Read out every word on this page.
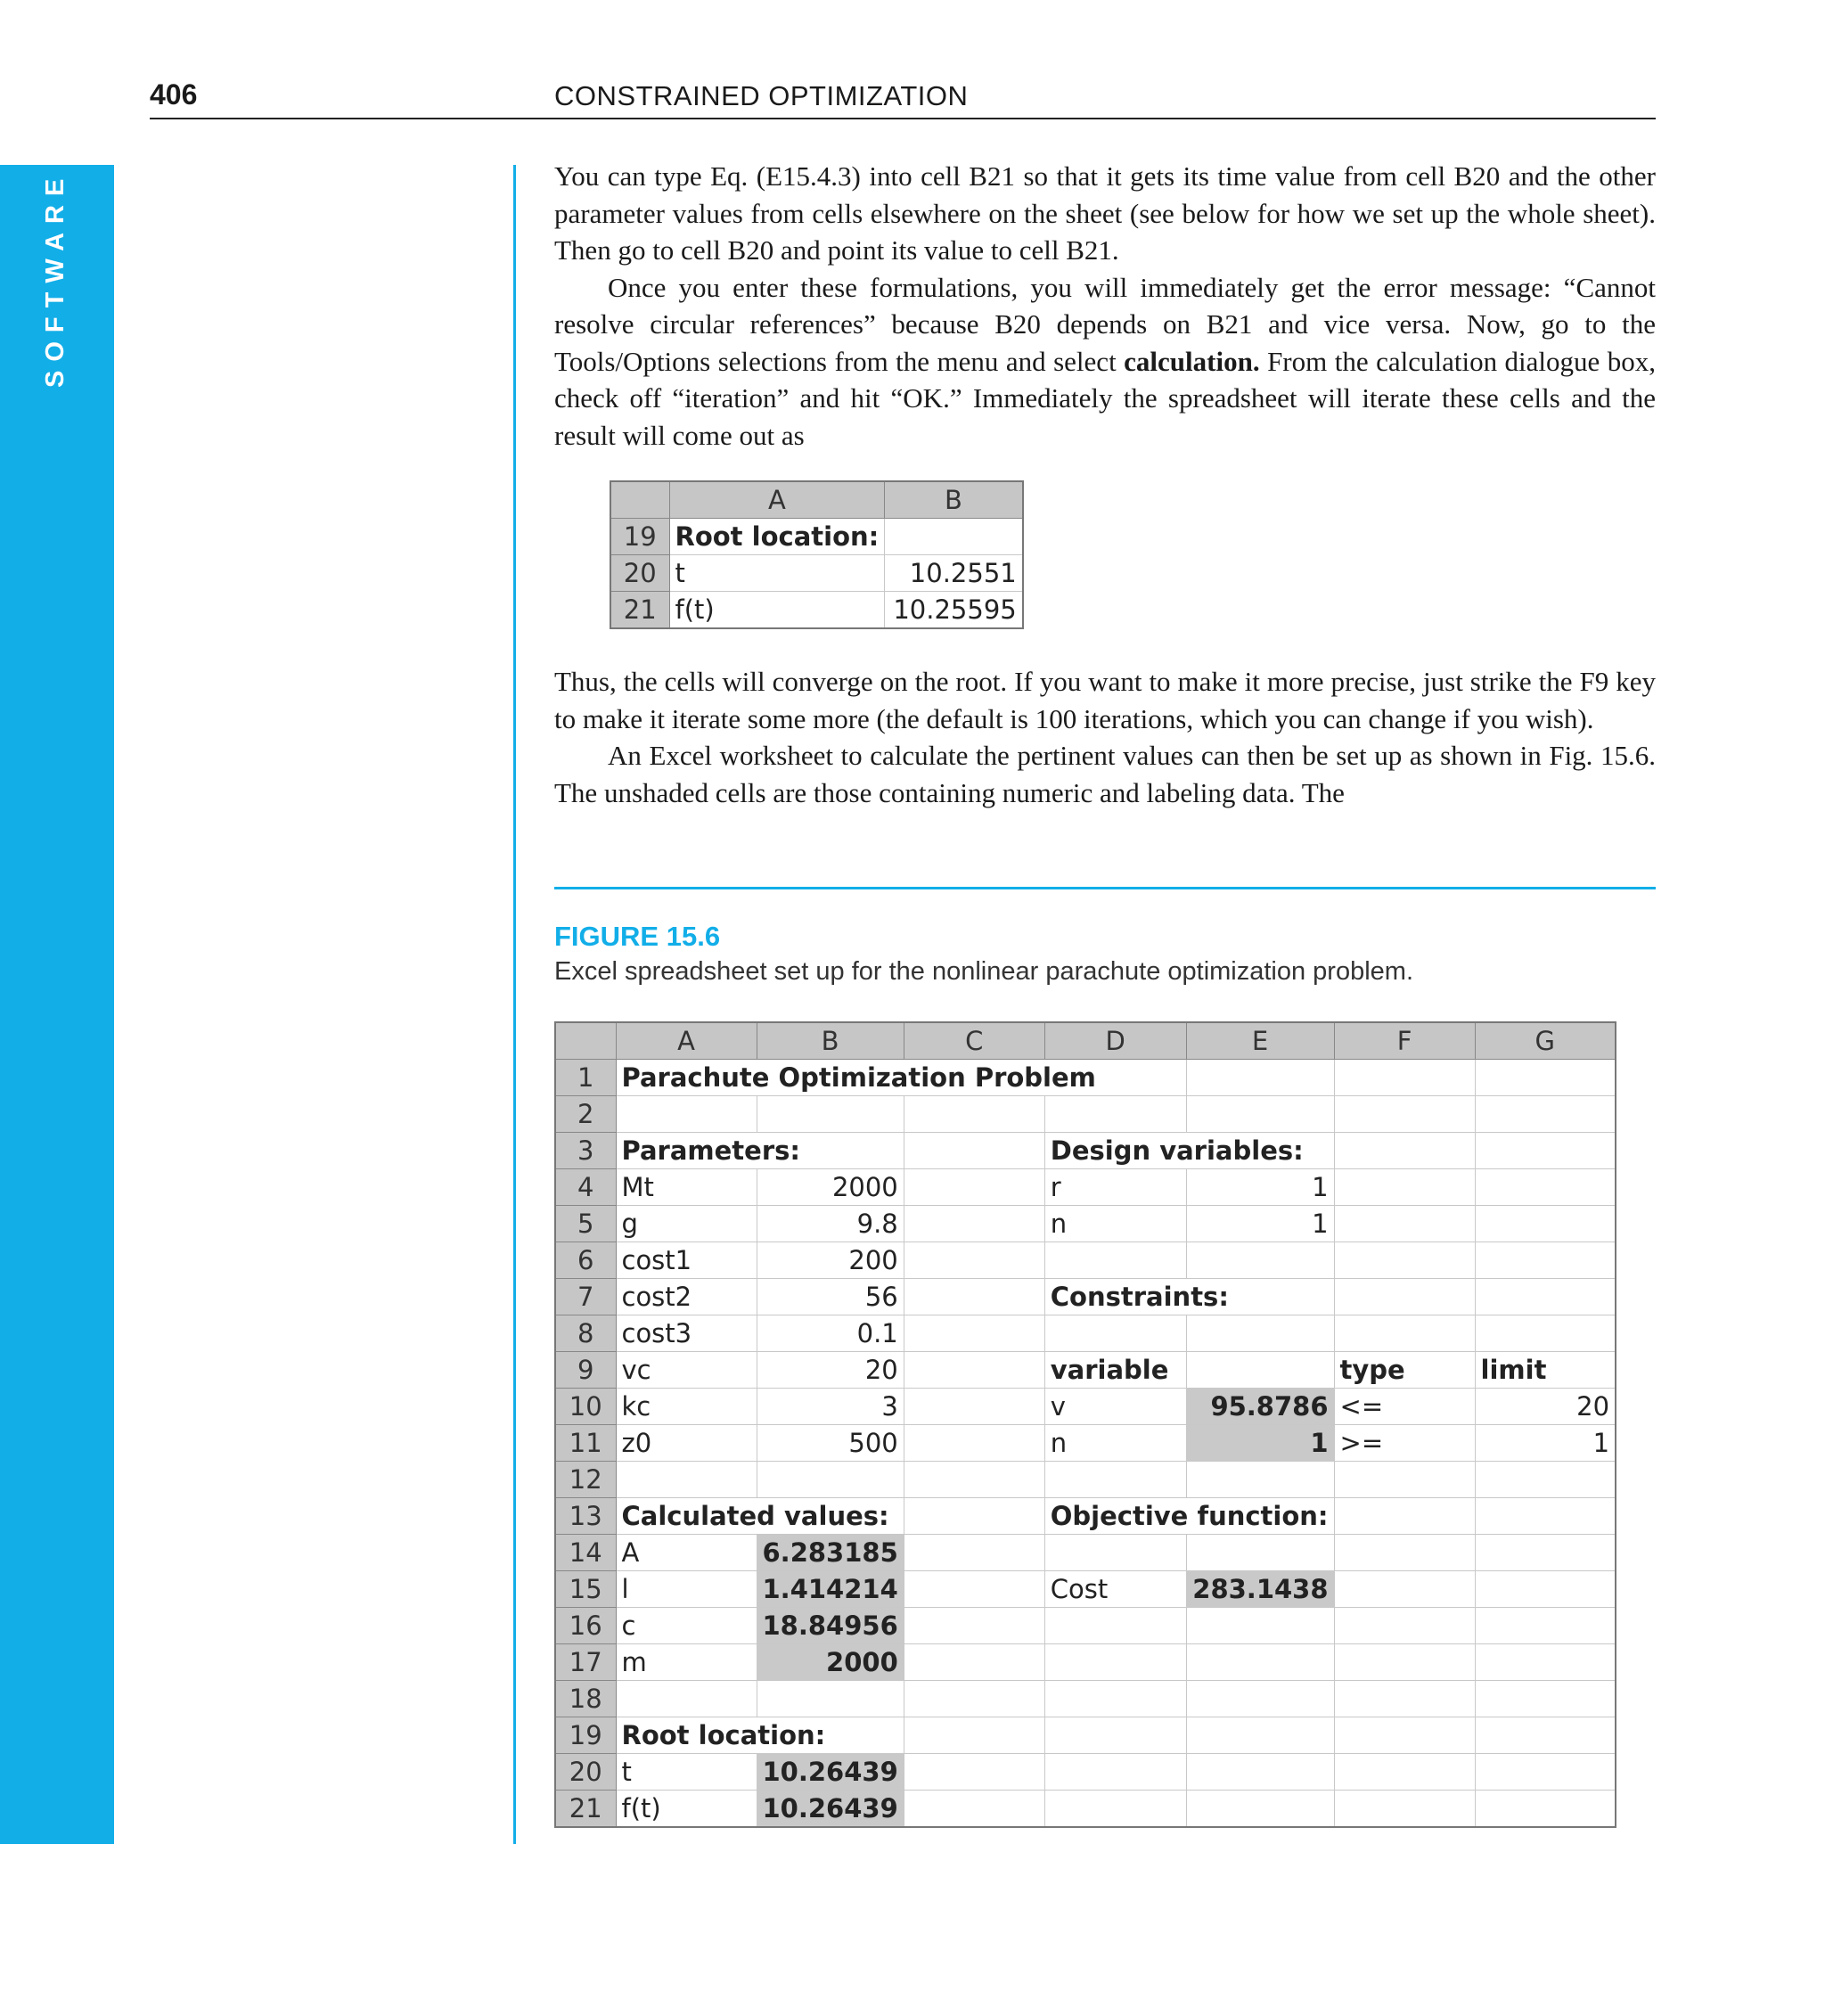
406	CONSTRAINED OPTIMIZATION
SOFTWARE	You can type Eq. (E15.4.3) into cell B21 so that it gets its time value from cell B20 and the other parameter values from cells elsewhere on the sheet (see below for how we set up the whole sheet). Then go to cell B20 and point its value to cell B21.

Once you enter these formulations, you will immediately get the error message: “Cannot resolve circular references” because B20 depends on B21 and vice versa. Now, go to the Tools/Options selections from the menu and select calculation. From the calculation dialogue box, check off “iteration” and hit “OK.” Immediately the spreadsheet will iterate these cells and the result will come out as

	A	B
19	Root location:	
20	t	10.2551
21	f(t)	10.25595

Thus, the cells will converge on the root. If you want to make it more precise, just strike the F9 key to make it iterate some more (the default is 100 iterations, which you can change if you wish).

An Excel worksheet to calculate the pertinent values can then be set up as shown in Fig. 15.6. The unshaded cells are those containing numeric and labeling data. The

FIGURE 15.6
Excel spreadsheet set up for the nonlinear parachute optimization problem.
	A	B	C	D	E	F	G
1	Parachute Optimization Problem						
2							
3	Parameters:			Design variables:			
4	Mt	2000		r	1		
5	g	9.8		n	1		
6	cost1	200					
7	cost2	56		Constraints:			
8	cost3	0.1					
9	vc	20		variable		type	limit
10	kc	3		v	95.8786	<=	20
11	z0	500		n	1	>=	1
12							
13	Calculated values:			Objective function:			
14	A	6.283185					
15	l	1.414214		Cost	283.1438		
16	c	18.84956					
17	m	2000					
18							
19	Root location:						
20	t	10.26439					
21	f(t)	10.26439					
